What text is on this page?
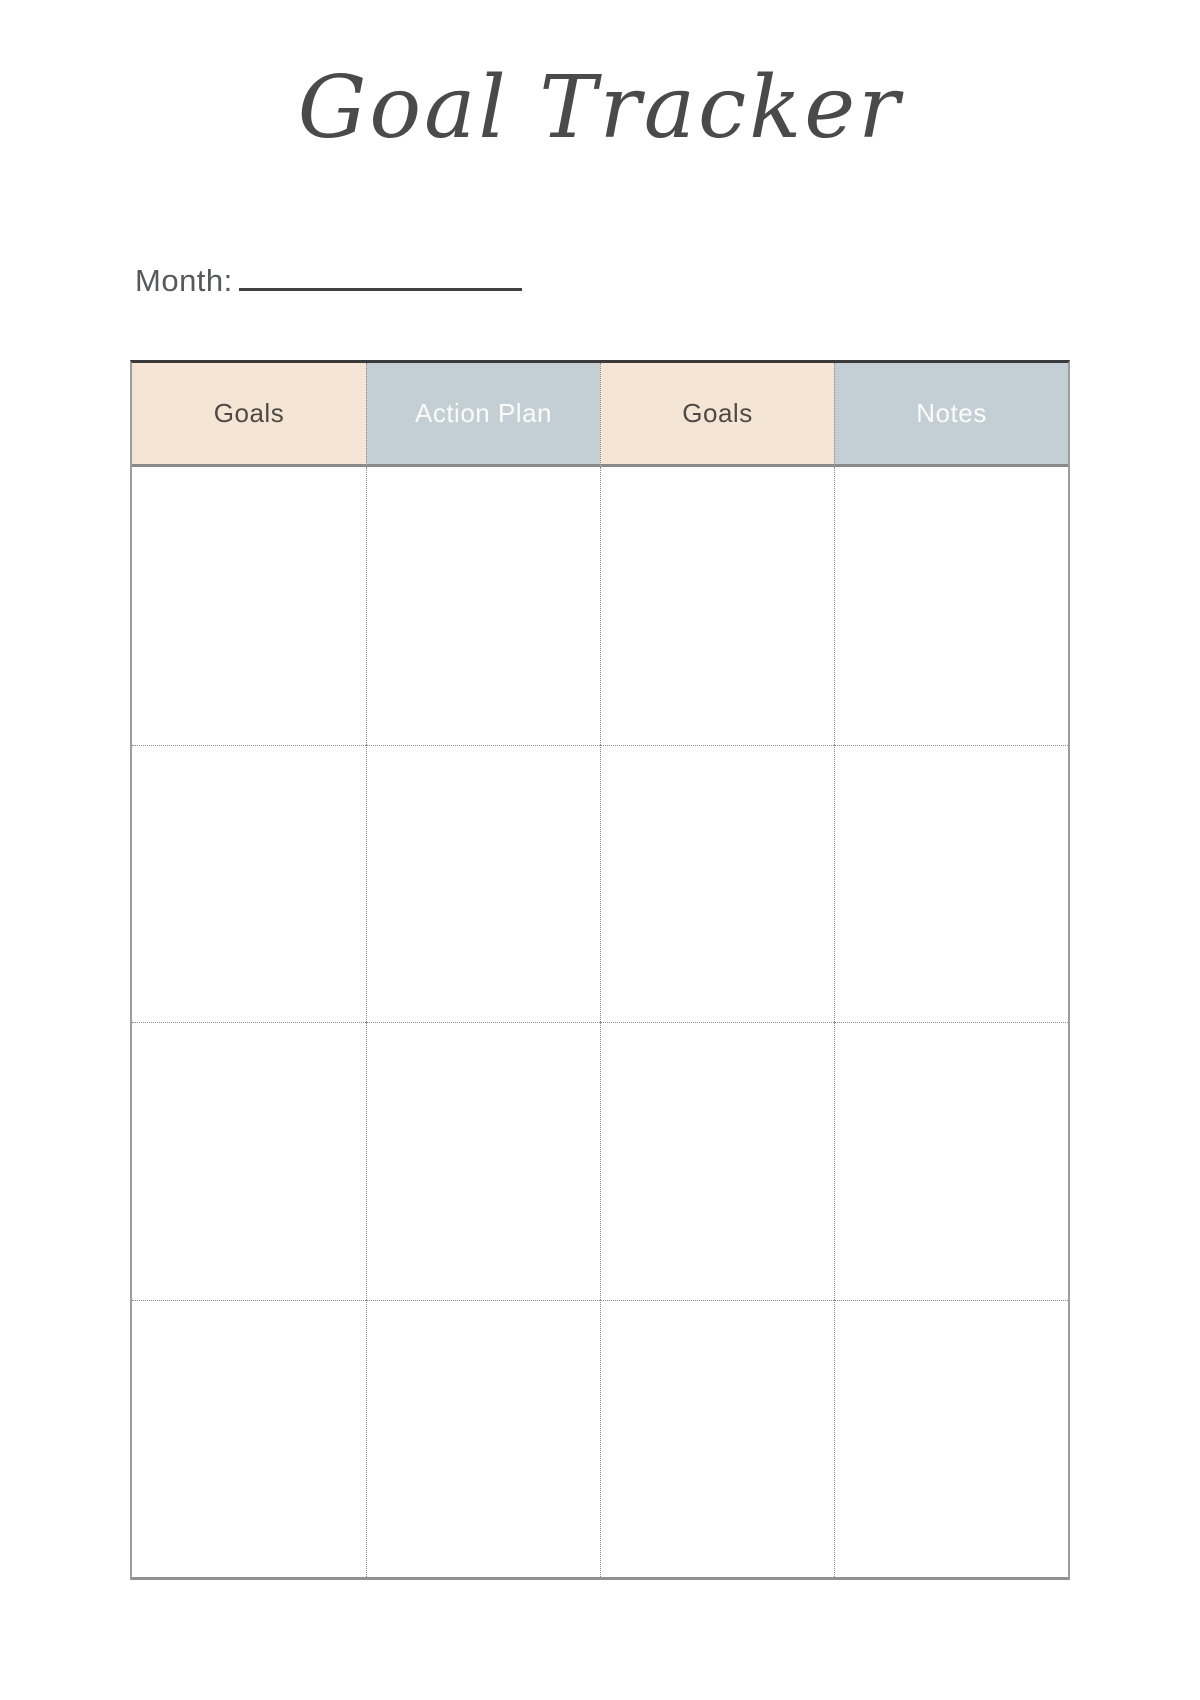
Goal Tracker
Month:
Goals	Action Plan	Goals	Notes
